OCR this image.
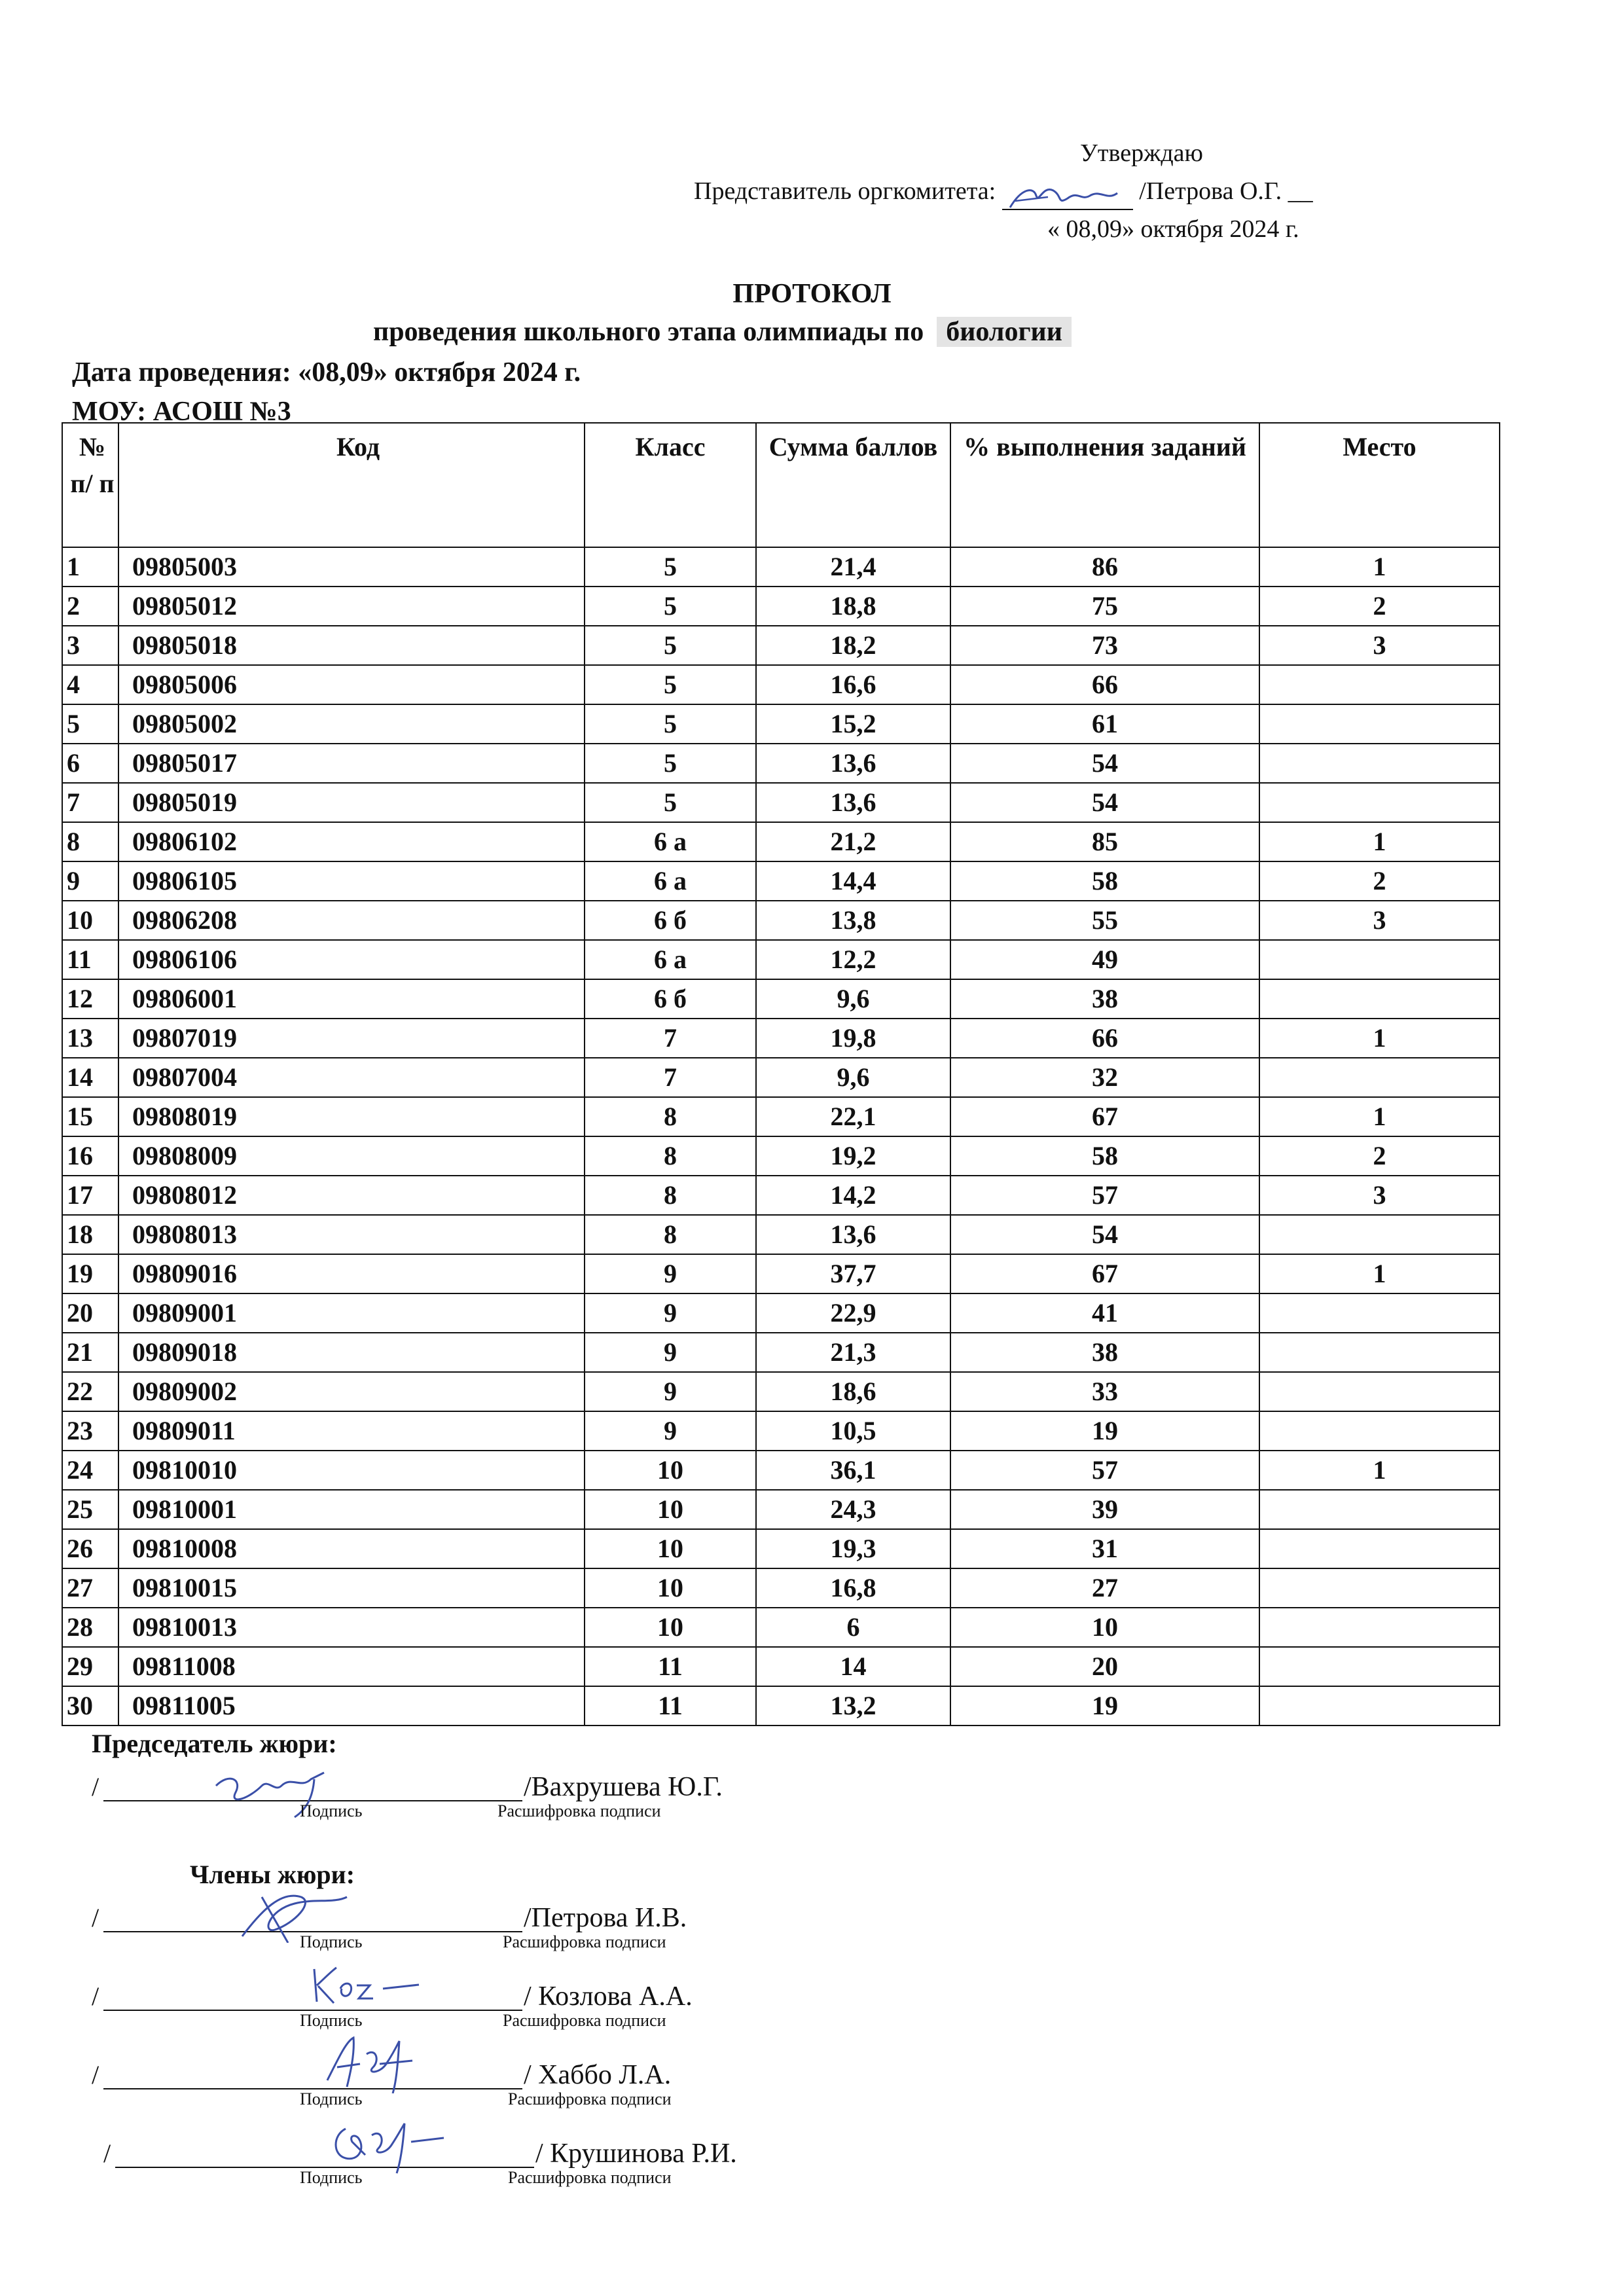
Утверждаю
Представитель оргкомитета:	/Петрова О.Г. __
« 08,09» октября 2024 г.
ПРОТОКОЛ
проведения школьного этапа олимпиады по биологии
Дата проведения: «08,09» октября 2024 г.
МОУ: АСОШ №3
№ п/ п	Код	Класс	Сумма баллов	% выполнения заданий	Место
1	09805003	5	21,4	86	1
2	09805012	5	18,8	75	2
3	09805018	5	18,2	73	3
4	09805006	5	16,6	66	
5	09805002	5	15,2	61	
6	09805017	5	13,6	54	
7	09805019	5	13,6	54	
8	09806102	6 а	21,2	85	1
9	09806105	6 а	14,4	58	2
10	09806208	6 б	13,8	55	3
11	09806106	6 а	12,2	49	
12	09806001	6 б	9,6	38	
13	09807019	7	19,8	66	1
14	09807004	7	9,6	32	
15	09808019	8	22,1	67	1
16	09808009	8	19,2	58	2
17	09808012	8	14,2	57	3
18	09808013	8	13,6	54	
19	09809016	9	37,7	67	1
20	09809001	9	22,9	41	
21	09809018	9	21,3	38	
22	09809002	9	18,6	33	
23	09809011	9	10,5	19	
24	09810010	10	36,1	57	1
25	09810001	10	24,3	39	
26	09810008	10	19,3	31	
27	09810015	10	16,8	27	
28	09810013	10	6	10	
29	09811008	11	14	20	
30	09811005	11	13,2	19	
Председатель жюри:
/	/Вахрушева Ю.Г.
Подпись	Расшифровка подписи
Члены жюри:
/	/Петрова И.В.
Подпись	Расшифровка подписи
/	/ Козлова А.А.
Подпись	Расшифровка подписи
/	/ Хаббо Л.А.
Подпись	Расшифровка подписи
/	/ Крушинова Р.И.
Подпись	Расшифровка подписи
